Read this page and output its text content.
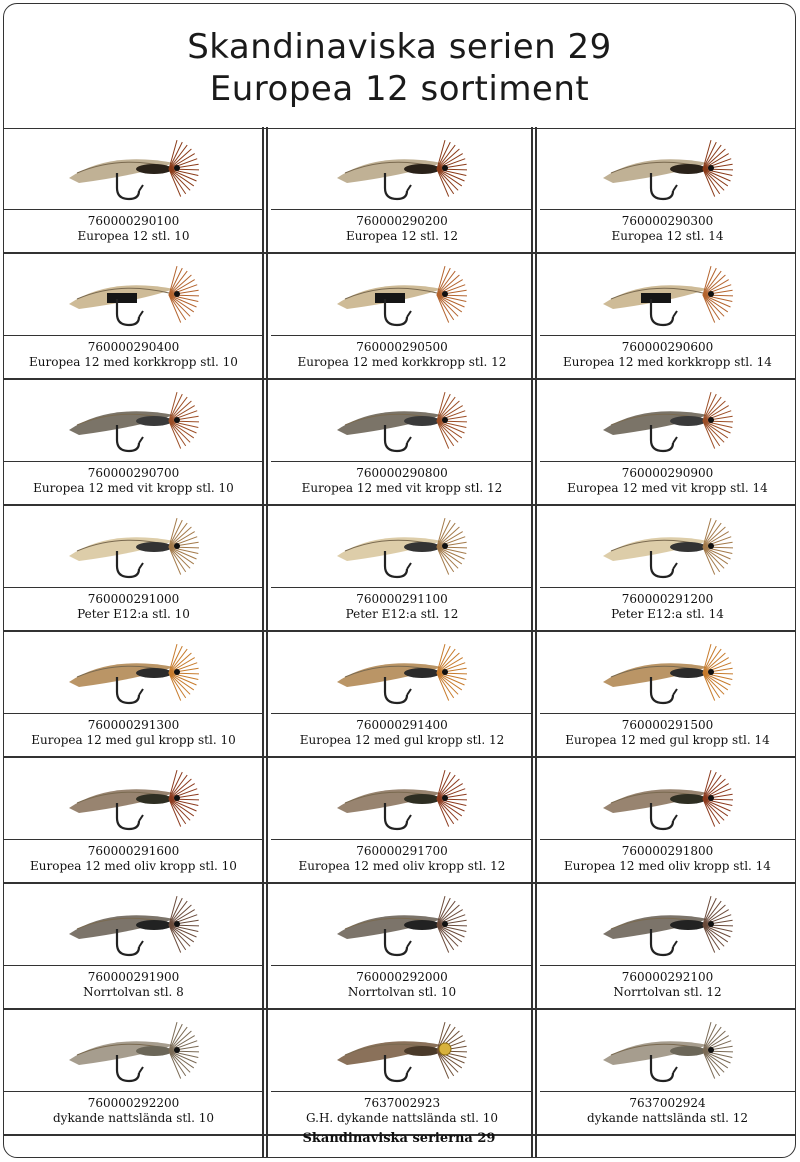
Skandinaviska serien 29
Europea 12 sortiment
760000290100
Europea 12 stl. 10
760000290200
Europea 12 stl. 12
760000290300
Europea 12 stl. 14
760000290400
Europea 12 med korkkropp stl. 10
760000290500
Europea 12 med korkkropp stl. 12
760000290600
Europea 12 med korkkropp stl. 14
760000290700
Europea 12 med vit kropp stl. 10
760000290800
Europea 12 med vit kropp stl. 12
760000290900
Europea 12 med vit kropp stl. 14
760000291000
Peter E12:a stl. 10
760000291100
Peter E12:a stl. 12
760000291200
Peter E12:a stl. 14
760000291300
Europea 12 med gul kropp stl. 10
760000291400
Europea 12 med gul kropp stl. 12
760000291500
Europea 12 med gul kropp stl. 14
760000291600
Europea 12 med oliv kropp stl. 10
760000291700
Europea 12 med oliv kropp stl. 12
760000291800
Europea 12 med oliv kropp stl. 14
760000291900
Norrtolvan stl. 8
760000292000
Norrtolvan stl. 10
760000292100
Norrtolvan stl. 12
760000292200
dykande nattslända stl. 10
7637002923
G.H. dykande nattslända stl. 10
7637002924
dykande nattslända stl. 12
Skandinaviska serierna 29
